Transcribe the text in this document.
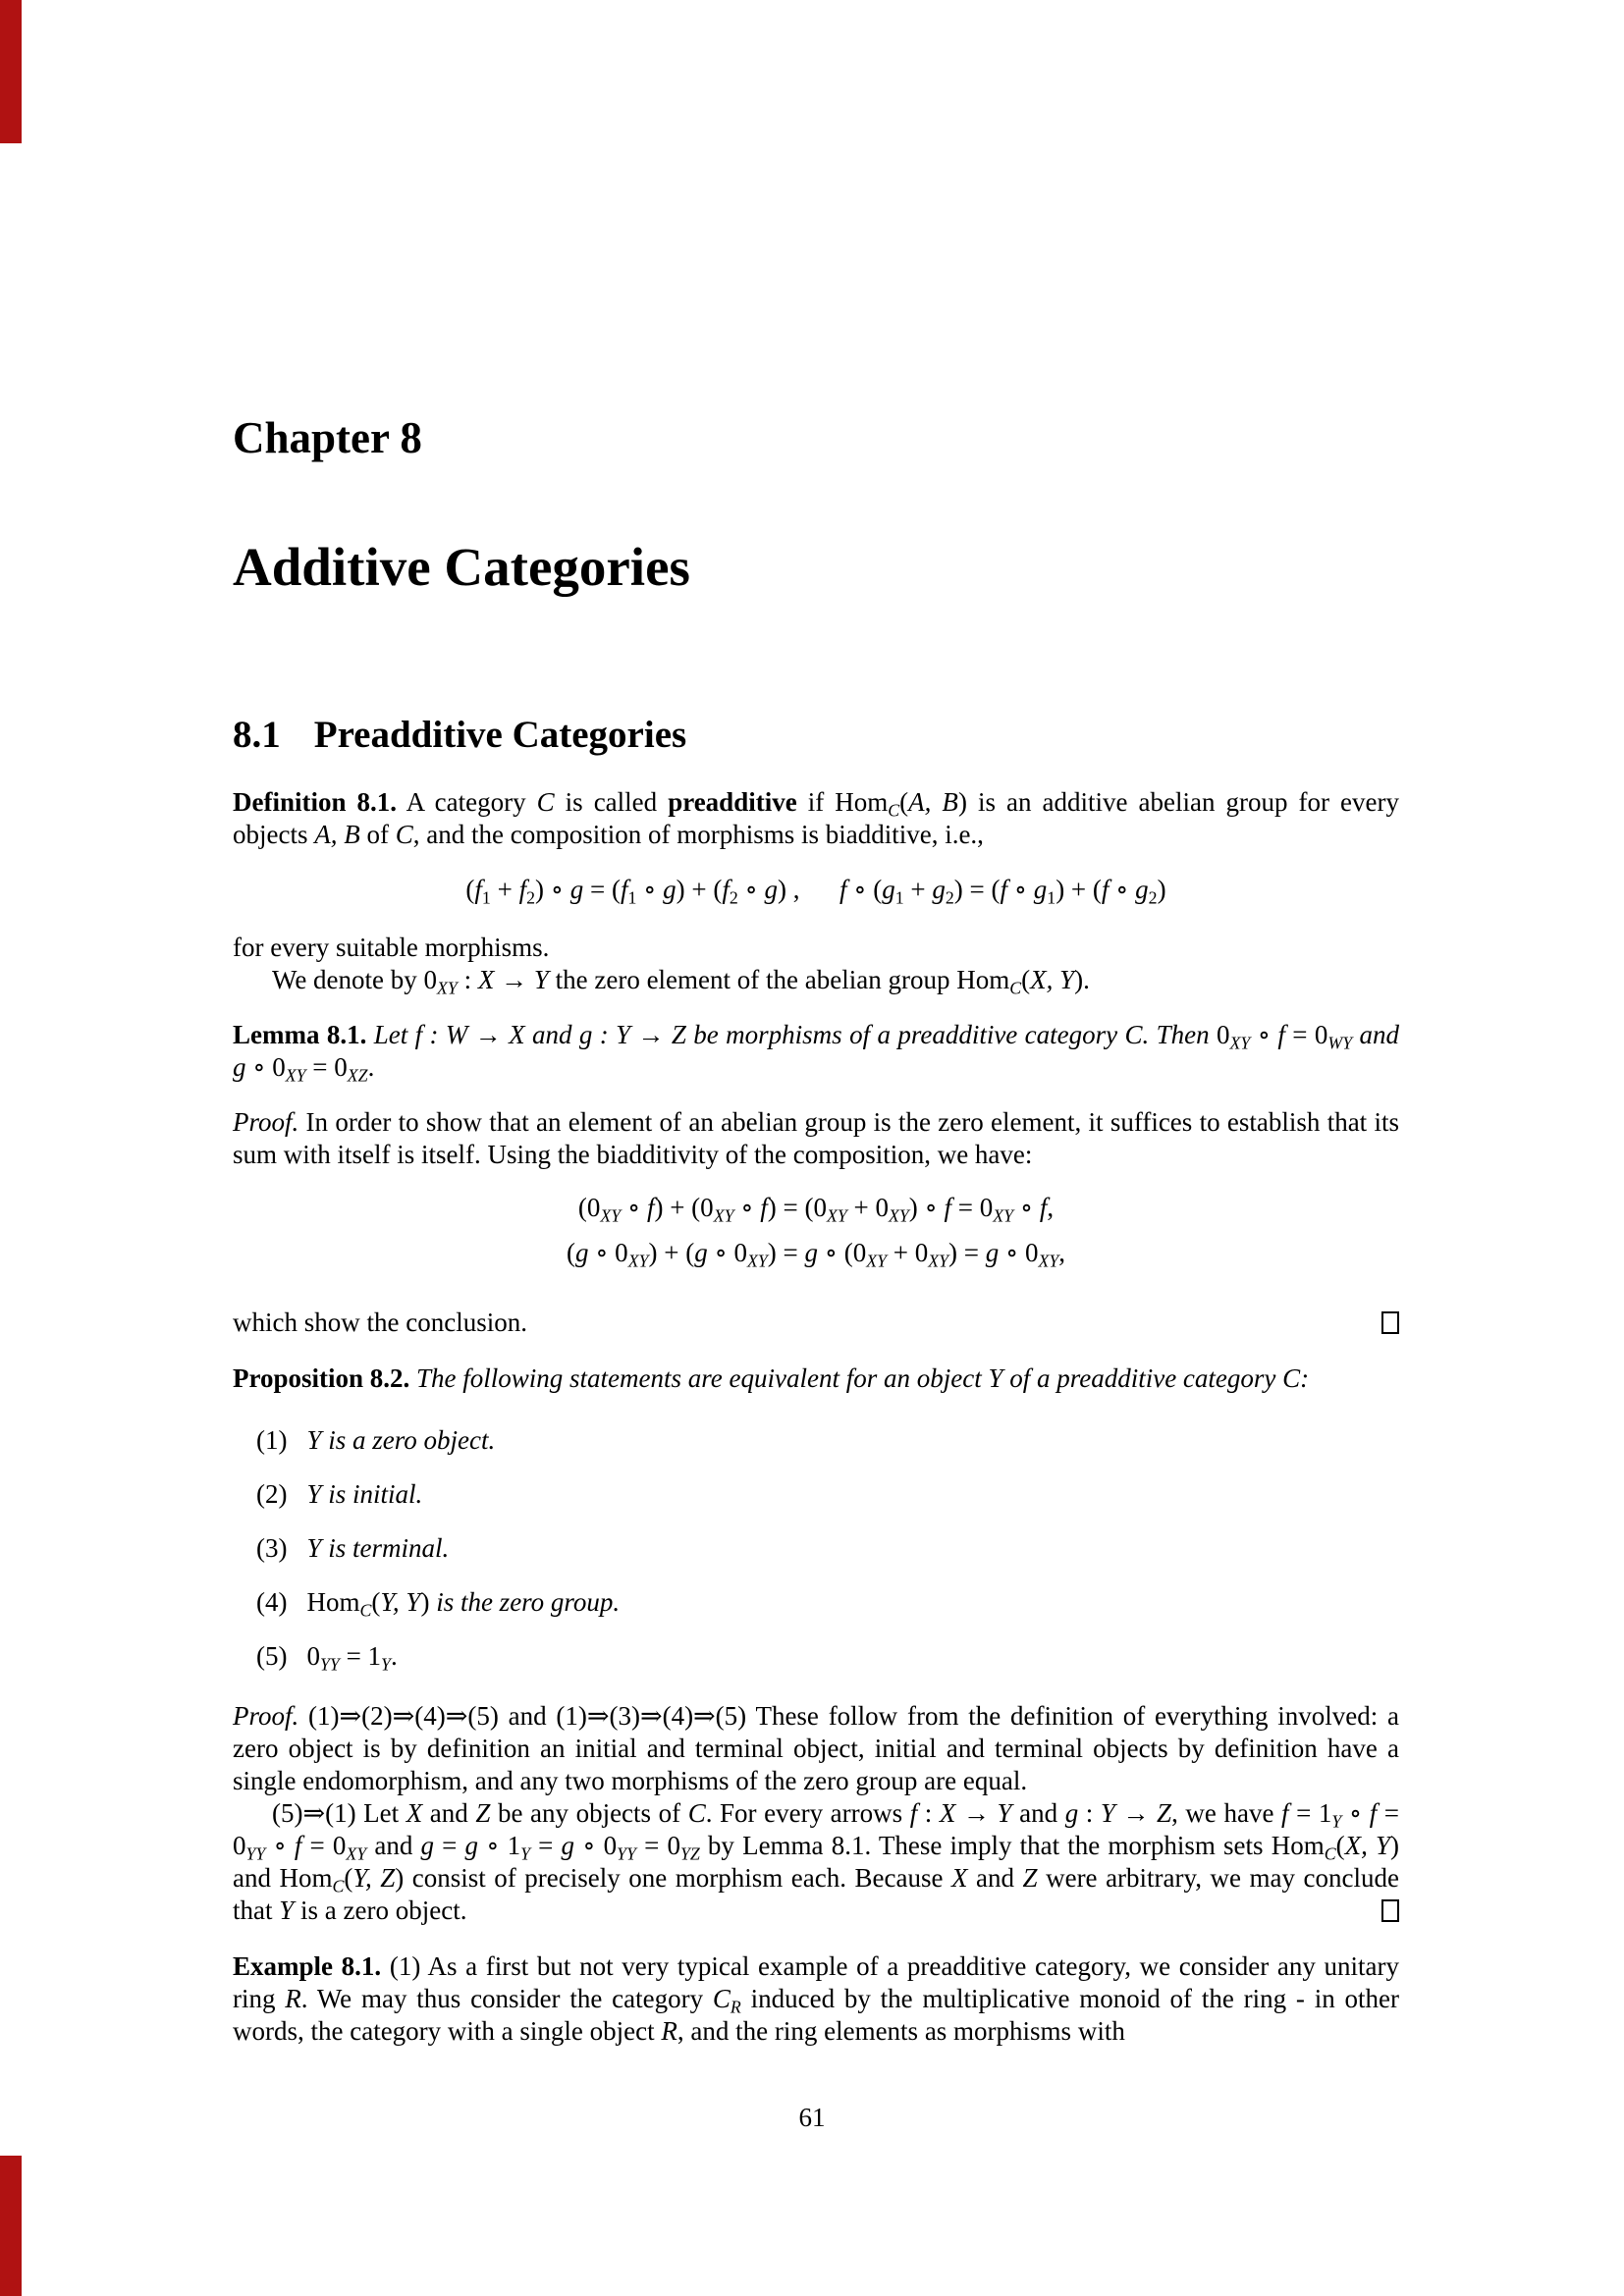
Chapter 8
Additive Categories
8.1 Preadditive Categories

Definition 8.1. A category C is called preadditive if HomC(A, B) is an additive abelian group for every objects A, B of C, and the composition of morphisms is biadditive, i.e.,

(f1 + f2) ∘ g = (f1 ∘ g) + (f2 ∘ g) ,   f ∘ (g1 + g2) = (f ∘ g1) + (f ∘ g2)

for every suitable morphisms.

We denote by 0XY : X → Y the zero element of the abelian group HomC(X, Y).

Lemma 8.1. Let f : W → X and g : Y → Z be morphisms of a preadditive category C. Then 0XY ∘ f = 0WY and g ∘ 0XY = 0XZ.

Proof. In order to show that an element of an abelian group is the zero element, it suffices to establish that its sum with itself is itself. Using the biadditivity of the composition, we have:

(0XY ∘ f) + (0XY ∘ f) = (0XY + 0XY) ∘ f = 0XY ∘ f,
(g ∘ 0XY) + (g ∘ 0XY) = g ∘ (0XY + 0XY) = g ∘ 0XY,

which show the conclusion.

Proposition 8.2. The following statements are equivalent for an object Y of a preadditive category C:

(1) Y is a zero object.
(2) Y is initial.
(3) Y is terminal.
(4) HomC(Y, Y) is the zero group.
(5) 0YY = 1Y.

Proof. (1)⇒(2)⇒(4)⇒(5) and (1)⇒(3)⇒(4)⇒(5) These follow from the definition of everything involved: a zero object is by definition an initial and terminal object, initial and terminal objects by definition have a single endomorphism, and any two morphisms of the zero group are equal.

(5)⇒(1) Let X and Z be any objects of C. For every arrows f : X → Y and g : Y → Z, we have f = 1Y ∘ f = 0YY ∘ f = 0XY and g = g ∘ 1Y = g ∘ 0YY = 0YZ by Lemma 8.1. These imply that the morphism sets HomC(X, Y) and HomC(Y, Z) consist of precisely one morphism each. Because X and Z were arbitrary, we may conclude that Y is a zero object.

Example 8.1. (1) As a first but not very typical example of a preadditive category, we consider any unitary ring R. We may thus consider the category CR induced by the multiplicative monoid of the ring - in other words, the category with a single object R, and the ring elements as morphisms with

61
